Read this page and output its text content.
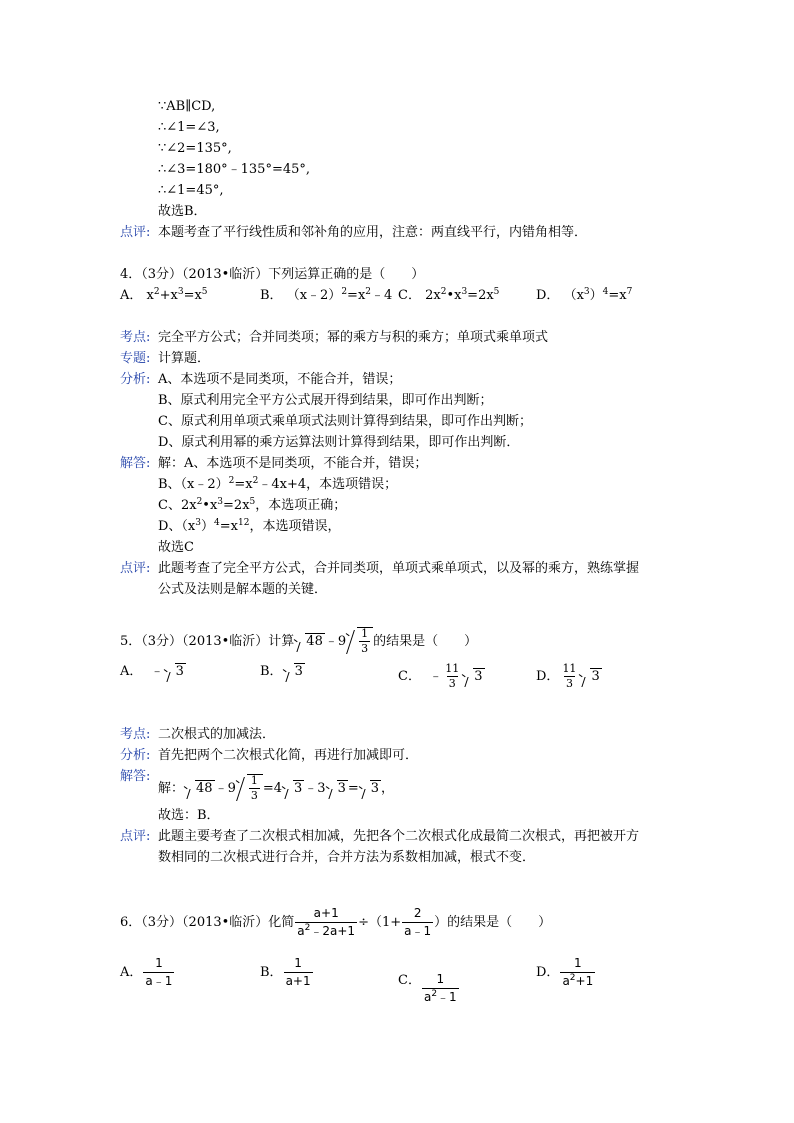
∵AB∥CD,
∴∠1=∠3,
∵∠2=135°,
∴∠3=180°﹣135°=45°,
∴∠1=45°,
故选B．
点评: 本题考查了平行线性质和邻补角的应用，注意：两直线平行，内错角相等．
4．（3分）（2013•临沂）下列运算正确的是（　　）
A． $x^2+x^3=x^5$	B． $(x﹣2)^2=x^2﹣4$ C． $2x^2•x^3=2x^5$	D． $(x^3)^4=x^7$
考点: 完全平方公式；合并同类项；幂的乘方与积的乘方；单项式乘单项式
专题: 计算题．
分析: A、本选项不是同类项，不能合并，错误；
B、原式利用完全平方公式展开得到结果，即可作出判断；
C、原式利用单项式乘单项式法则计算得到结果，即可作出判断；
D、原式利用幂的乘方运算法则计算得到结果，即可作出判断．
解答: 解：A、本选项不是同类项，不能合并，错误；
B、$(x﹣2)^2=x^2﹣4x+4$，本选项错误；
C、$2x^2•x^3=2x^5$，本选项正确；
D、$(x^3)^4=x^{12}$，本选项错误，
故选C
点评: 此题考查了完全平方公式，合并同类项，单项式乘单项式，以及幂的乘方，熟练掌握
公式及法则是解本题的关键．
5．（3分）（2013•临沂）计算 48 ﹣9 $\frac{1}{3}$ 的结果是（　　）
A．  ﹣ 3	B． 3	C．  ﹣ $\frac{11}{3} 3$	D． $\frac{11}{3} 3$
考点: 二次根式的加减法．
分析: 首先把两个二次根式化简，再进行加减即可．
解答:
解： 48 ﹣9 $\frac{1}{3} =4$ 3 ﹣3 3 = 3 ，
故选：B．
点评: 此题主要考查了二次根式相加减，先把各个二次根式化成最简二次根式，再把被开方
数相同的二次根式进行合并，合并方法为系数相加减，根式不变．
6．（3分）（2013•临沂）化简 $\frac{a+1}{a^2﹣2a+1} \div(1+ \frac{2}{a﹣1}$ ）的结果是（　　）
A． $\frac{1}{a﹣1}$	B． $\frac{1}{a+1}$	C． $\frac{1}{a^2﹣1}$	D． $\frac{1}{a^2+1}$
